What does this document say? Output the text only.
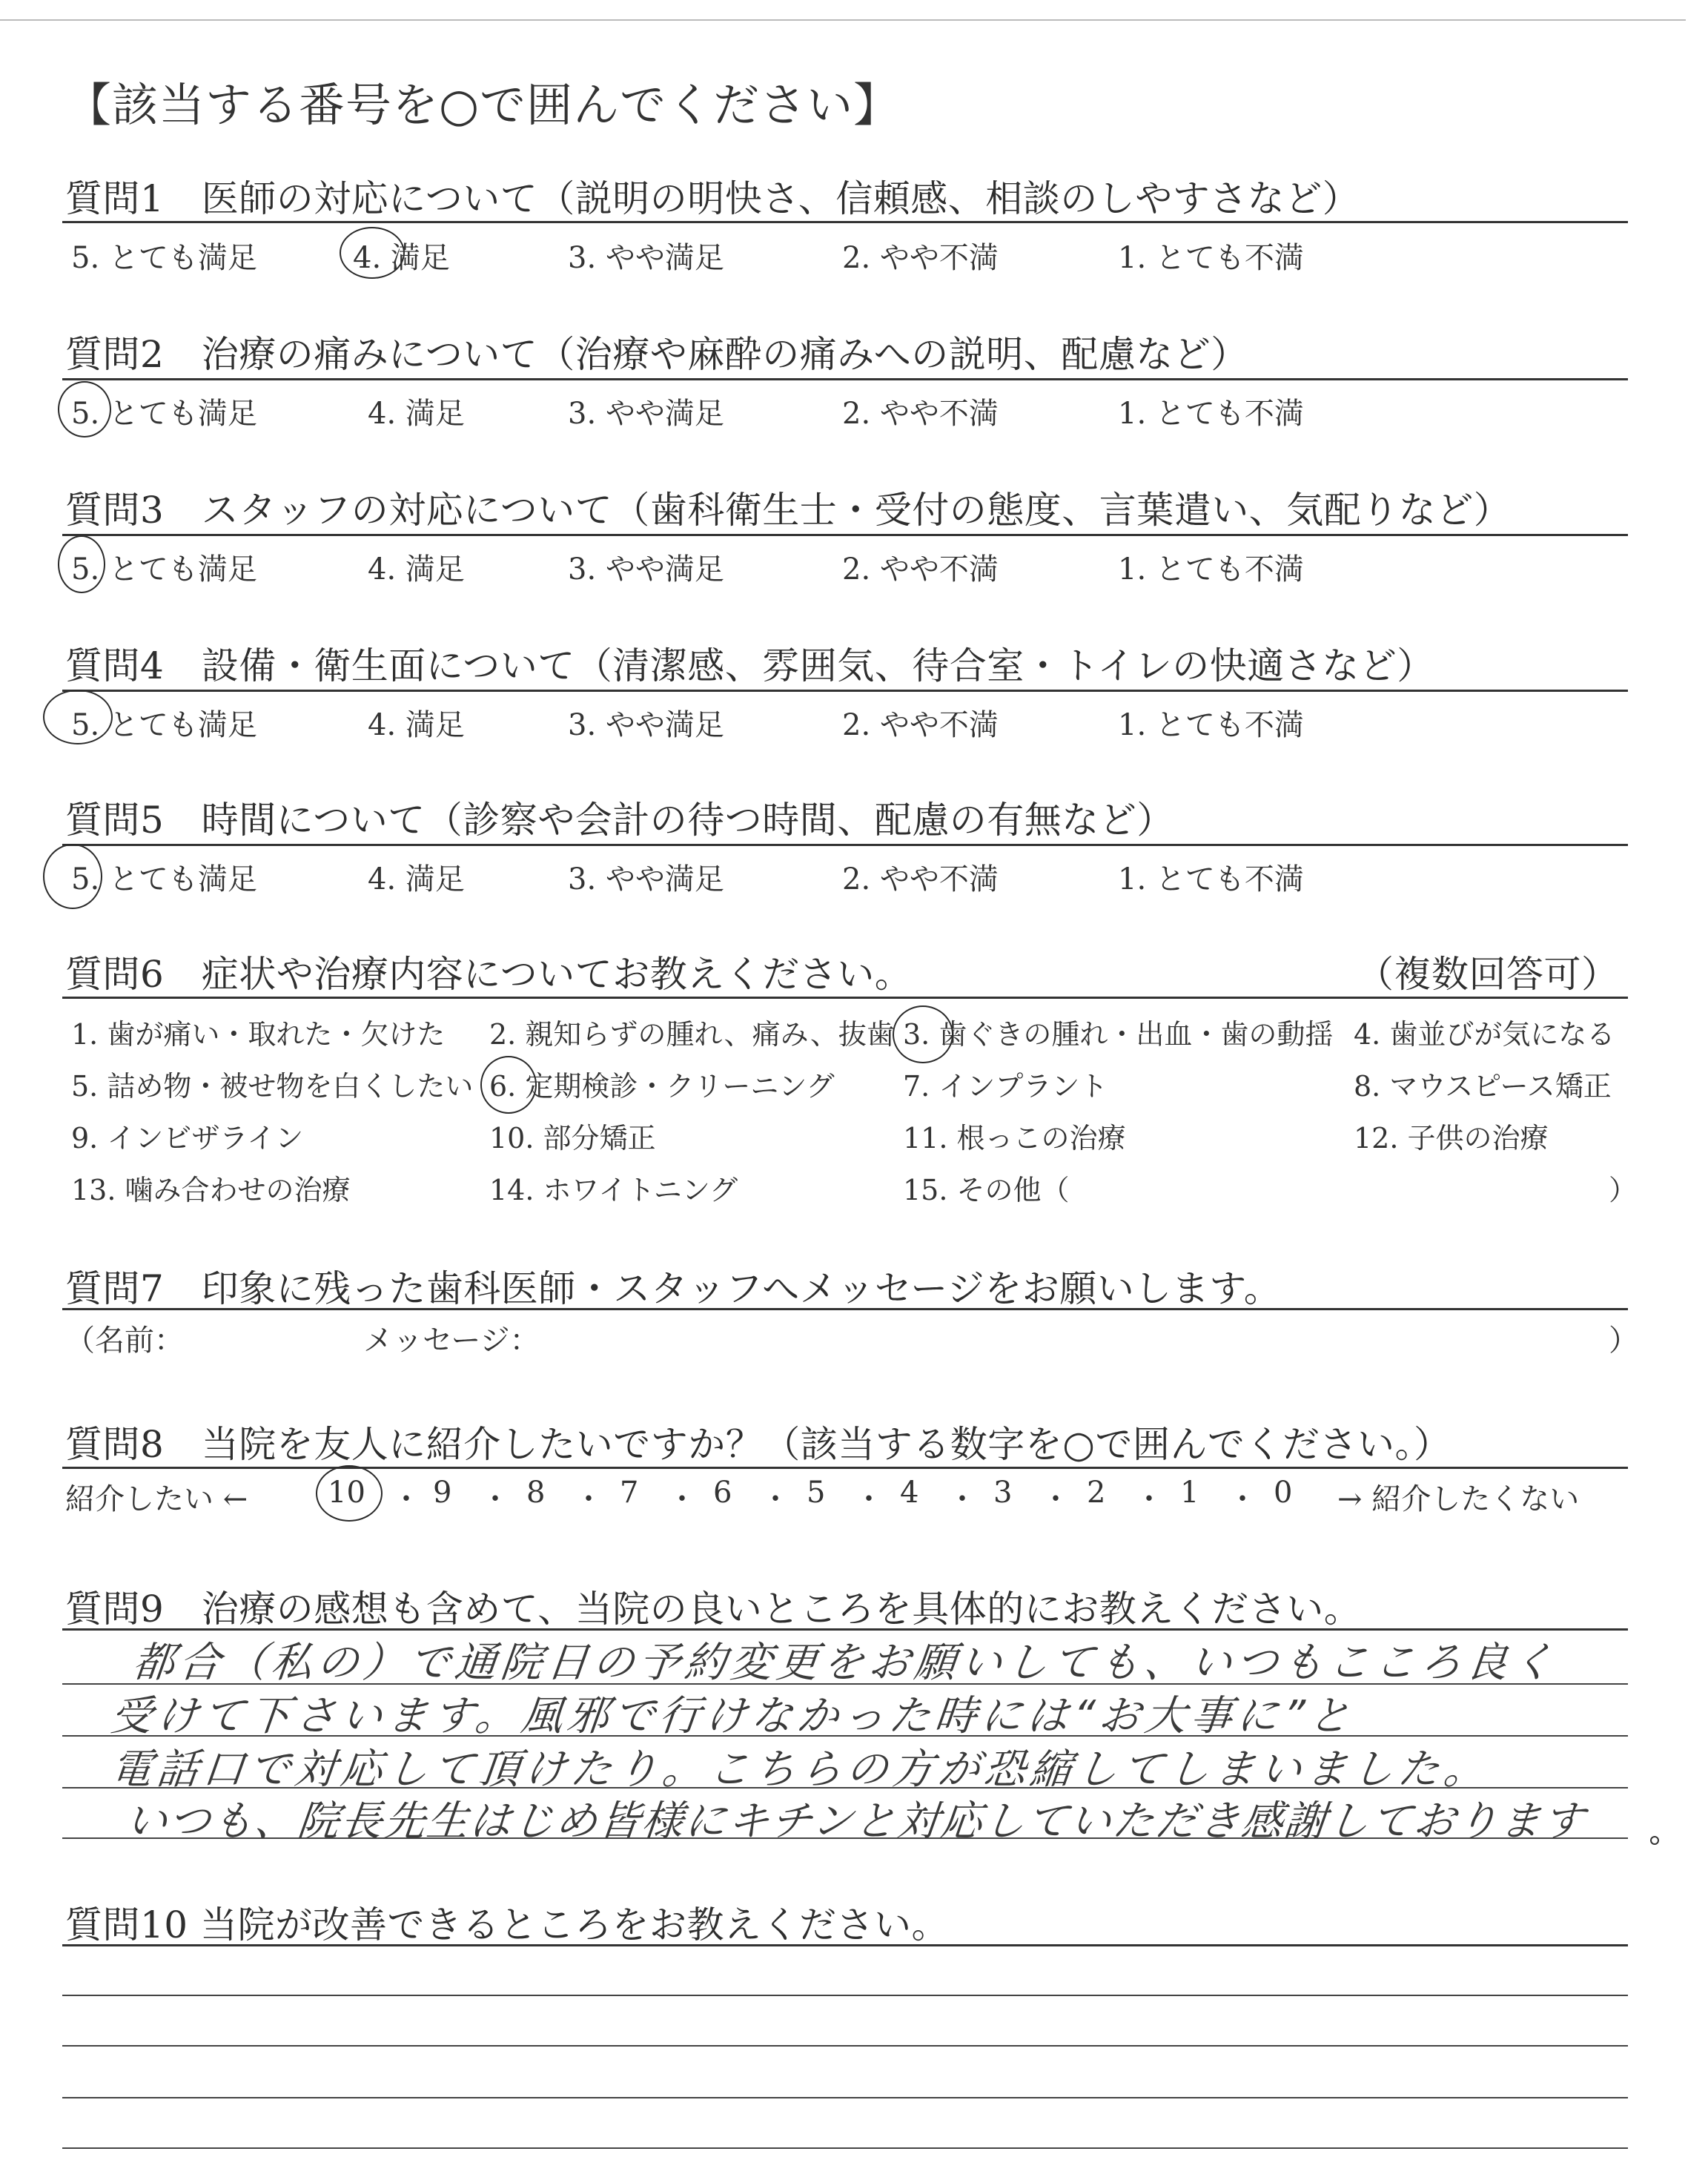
【該当する番号を○で囲んでください】
質問1　医師の対応について（説明の明快さ、信頼感、相談のしやすさなど）
5. とても満足	4. 満足	3. やや満足	2. やや不満	1. とても不満
質問2　治療の痛みについて（治療や麻酔の痛みへの説明、配慮など）
5. とても満足	4. 満足	3. やや満足	2. やや不満	1. とても不満
質問3　スタッフの対応について（歯科衛生士・受付の態度、言葉遣い、気配りなど）
5. とても満足	4. 満足	3. やや満足	2. やや不満	1. とても不満
質問4　設備・衛生面について（清潔感、雰囲気、待合室・トイレの快適さなど）
5. とても満足	4. 満足	3. やや満足	2. やや不満	1. とても不満
質問5　時間について（診察や会計の待つ時間、配慮の有無など）
5. とても満足	4. 満足	3. やや満足	2. やや不満	1. とても不満
質問6　症状や治療内容についてお教えください。	（複数回答可）
1. 歯が痛い・取れた・欠けた 2. 親知らずの腫れ、痛み、抜歯 3. 歯ぐきの腫れ・出血・歯の動揺 4. 歯並びが気になる
5. 詰め物・被せ物を白くしたい 6. 定期検診・クリーニング 7. インプラント	8. マウスピース矯正
9. インビザライン	10. 部分矯正	11. 根っこの治療	12. 子供の治療
13. 噛み合わせの治療	14. ホワイトニング	15. その他（	）
質問7　印象に残った歯科医師・スタッフへメッセージをお願いします。
（名前：	メッセージ：	）
質問8　当院を友人に紹介したいですか？（該当する数字を○で囲んでください。）
紹介したい ←	→ 紹介したくない
10 ・ 9 ・ 8 ・ 7 ・ 6 ・ 5 ・ 4 ・ 3 ・ 2 ・ 1 ・ 0
質問9　治療の感想も含めて、当院の良いところを具体的にお教えください。
都合（私の）で通院日の予約変更をお願いしても、いつもこころ良く
受けて下さいます。風邪で行けなかった時には“お大事に”と
電話口で対応して頂けたり。こちらの方が恐縮してしまいました。
いつも、院長先生はじめ皆様にキチンと対応していただき感謝しております
質問10 当院が改善できるところをお教えください。
